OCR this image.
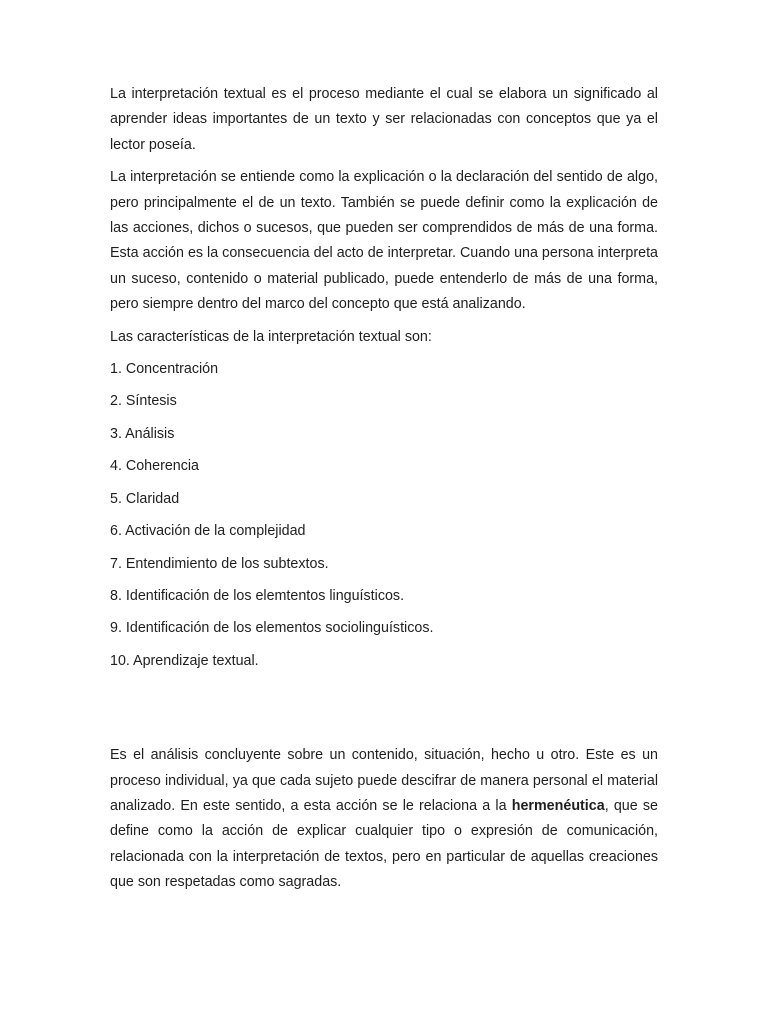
La interpretación textual es el proceso mediante el cual se elabora un significado al aprender ideas importantes de un texto y ser relacionadas con conceptos que ya el lector poseía.

La interpretación se entiende como la explicación o la declaración del sentido de algo, pero principalmente el de un texto. También se puede definir como la explicación de las acciones, dichos o sucesos, que pueden ser comprendidos de más de una forma. Esta acción es la consecuencia del acto de interpretar. Cuando una persona interpreta un suceso, contenido o material publicado, puede entenderlo de más de una forma, pero siempre dentro del marco del concepto que está analizando.

Las características de la interpretación textual son:

1. Concentración
2. Síntesis
3. Análisis
4. Coherencia
5. Claridad
6. Activación de la complejidad
7. Entendimiento de los subtextos.
8. Identificación de los elemtentos linguísticos.
9. Identificación de los elementos sociolinguísticos.
10. Aprendizaje textual.

Es el análisis concluyente sobre un contenido, situación, hecho u otro. Este es un proceso individual, ya que cada sujeto puede descifrar de manera personal el material analizado. En este sentido, a esta acción se le relaciona a la hermenéutica, que se define como la acción de explicar cualquier tipo o expresión de comunicación, relacionada con la interpretación de textos, pero en particular de aquellas creaciones que son respetadas como sagradas.
